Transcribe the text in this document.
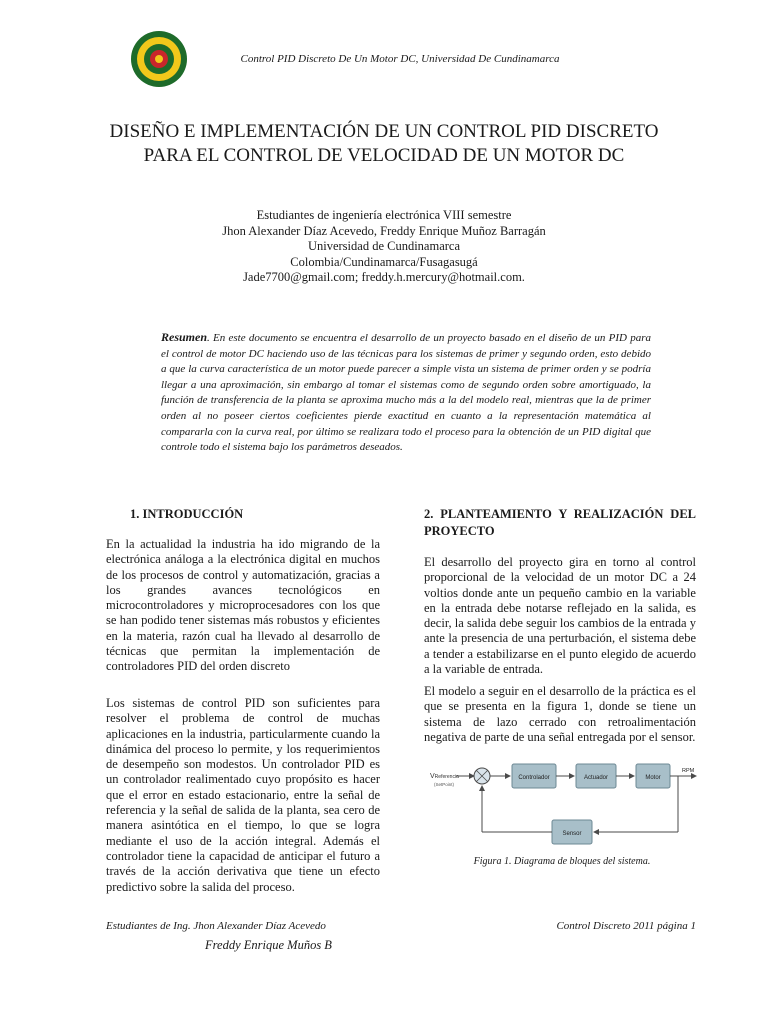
Control PID Discreto De Un Motor DC, Universidad De Cundinamarca
DISEÑO E IMPLEMENTACIÓN DE UN CONTROL PID DISCRETO
PARA EL CONTROL DE VELOCIDAD DE UN MOTOR DC
Estudiantes de ingeniería electrónica VIII semestre
Jhon Alexander Díaz Acevedo, Freddy Enrique Muñoz Barragán
Universidad de Cundinamarca
Colombia/Cundinamarca/Fusagasugá
Jade7700@gmail.com; freddy.h.mercury@hotmail.com.
Resumen. En este documento se encuentra el desarrollo de un proyecto basado en el diseño de un PID para el control de motor DC haciendo uso de las técnicas para los sistemas de primer y segundo orden, esto debido a que la curva característica de un motor puede parecer a simple vista un sistema de primer orden y se podría llegar a una aproximación, sin embargo al tomar el sistemas como de segundo orden sobre amortiguado, la función de transferencia de la planta se aproxima mucho más a la del modelo real, mientras que la de primer orden al no poseer ciertos coeficientes pierde exactitud en cuanto a la representación matemática al compararla con la curva real, por último se realizara todo el proceso para la obtención de un PID digital que controle todo el sistema bajo los parámetros deseados.
1. INTRODUCCIÓN
En la actualidad la industria ha ido migrando de la electrónica análoga a la electrónica digital en muchos de los procesos de control y automatización, gracias a los grandes avances tecnológicos en microcontroladores y microprocesadores con los que se han podido tener sistemas más robustos y eficientes en la materia, razón cual ha llevado al desarrollo de técnicas que permitan la implementación de controladores PID del orden discreto
Los sistemas de control PID son suficientes para resolver el problema de control de muchas aplicaciones en la industria, particularmente cuando la dinámica del proceso lo permite, y los requerimientos de desempeño son modestos. Un controlador PID es un controlador realimentado cuyo propósito es hacer que el error en estado estacionario, entre la señal de referencia y la señal de salida de la planta, sea cero de manera asintótica en el tiempo, lo que se logra mediante el uso de la acción integral. Además el controlador tiene la capacidad de anticipar el futuro a través de la acción derivativa que tiene un efecto predictivo sobre la salida del proceso.
2. PLANTEAMIENTO Y REALIZACIÓN DEL PROYECTO
El desarrollo del proyecto gira en torno al control proporcional de la velocidad de un motor DC a 24 voltios donde ante un pequeño cambio en la variable en la entrada debe notarse reflejado en la salida, es decir, la salida debe seguir los cambios de la entrada y ante la presencia de una perturbación, el sistema debe a tender a estabilizarse en el punto elegido de acuerdo a la variable de entrada.
El modelo a seguir en el desarrollo de la práctica es el que se presenta en la figura 1, donde se tiene un sistema de lazo cerrado con retroalimentación negativa de parte de una señal entregada por el sensor.
VReferencia
(SetPoint)
Controlador	Actuador	Motor
RPM
Sensor
Figura 1. Diagrama de bloques del sistema.
Estudiantes de Ing. Jhon Alexander Díaz Acevedo
Freddy Enrique Muños B
Control Discreto 2011 página 1
